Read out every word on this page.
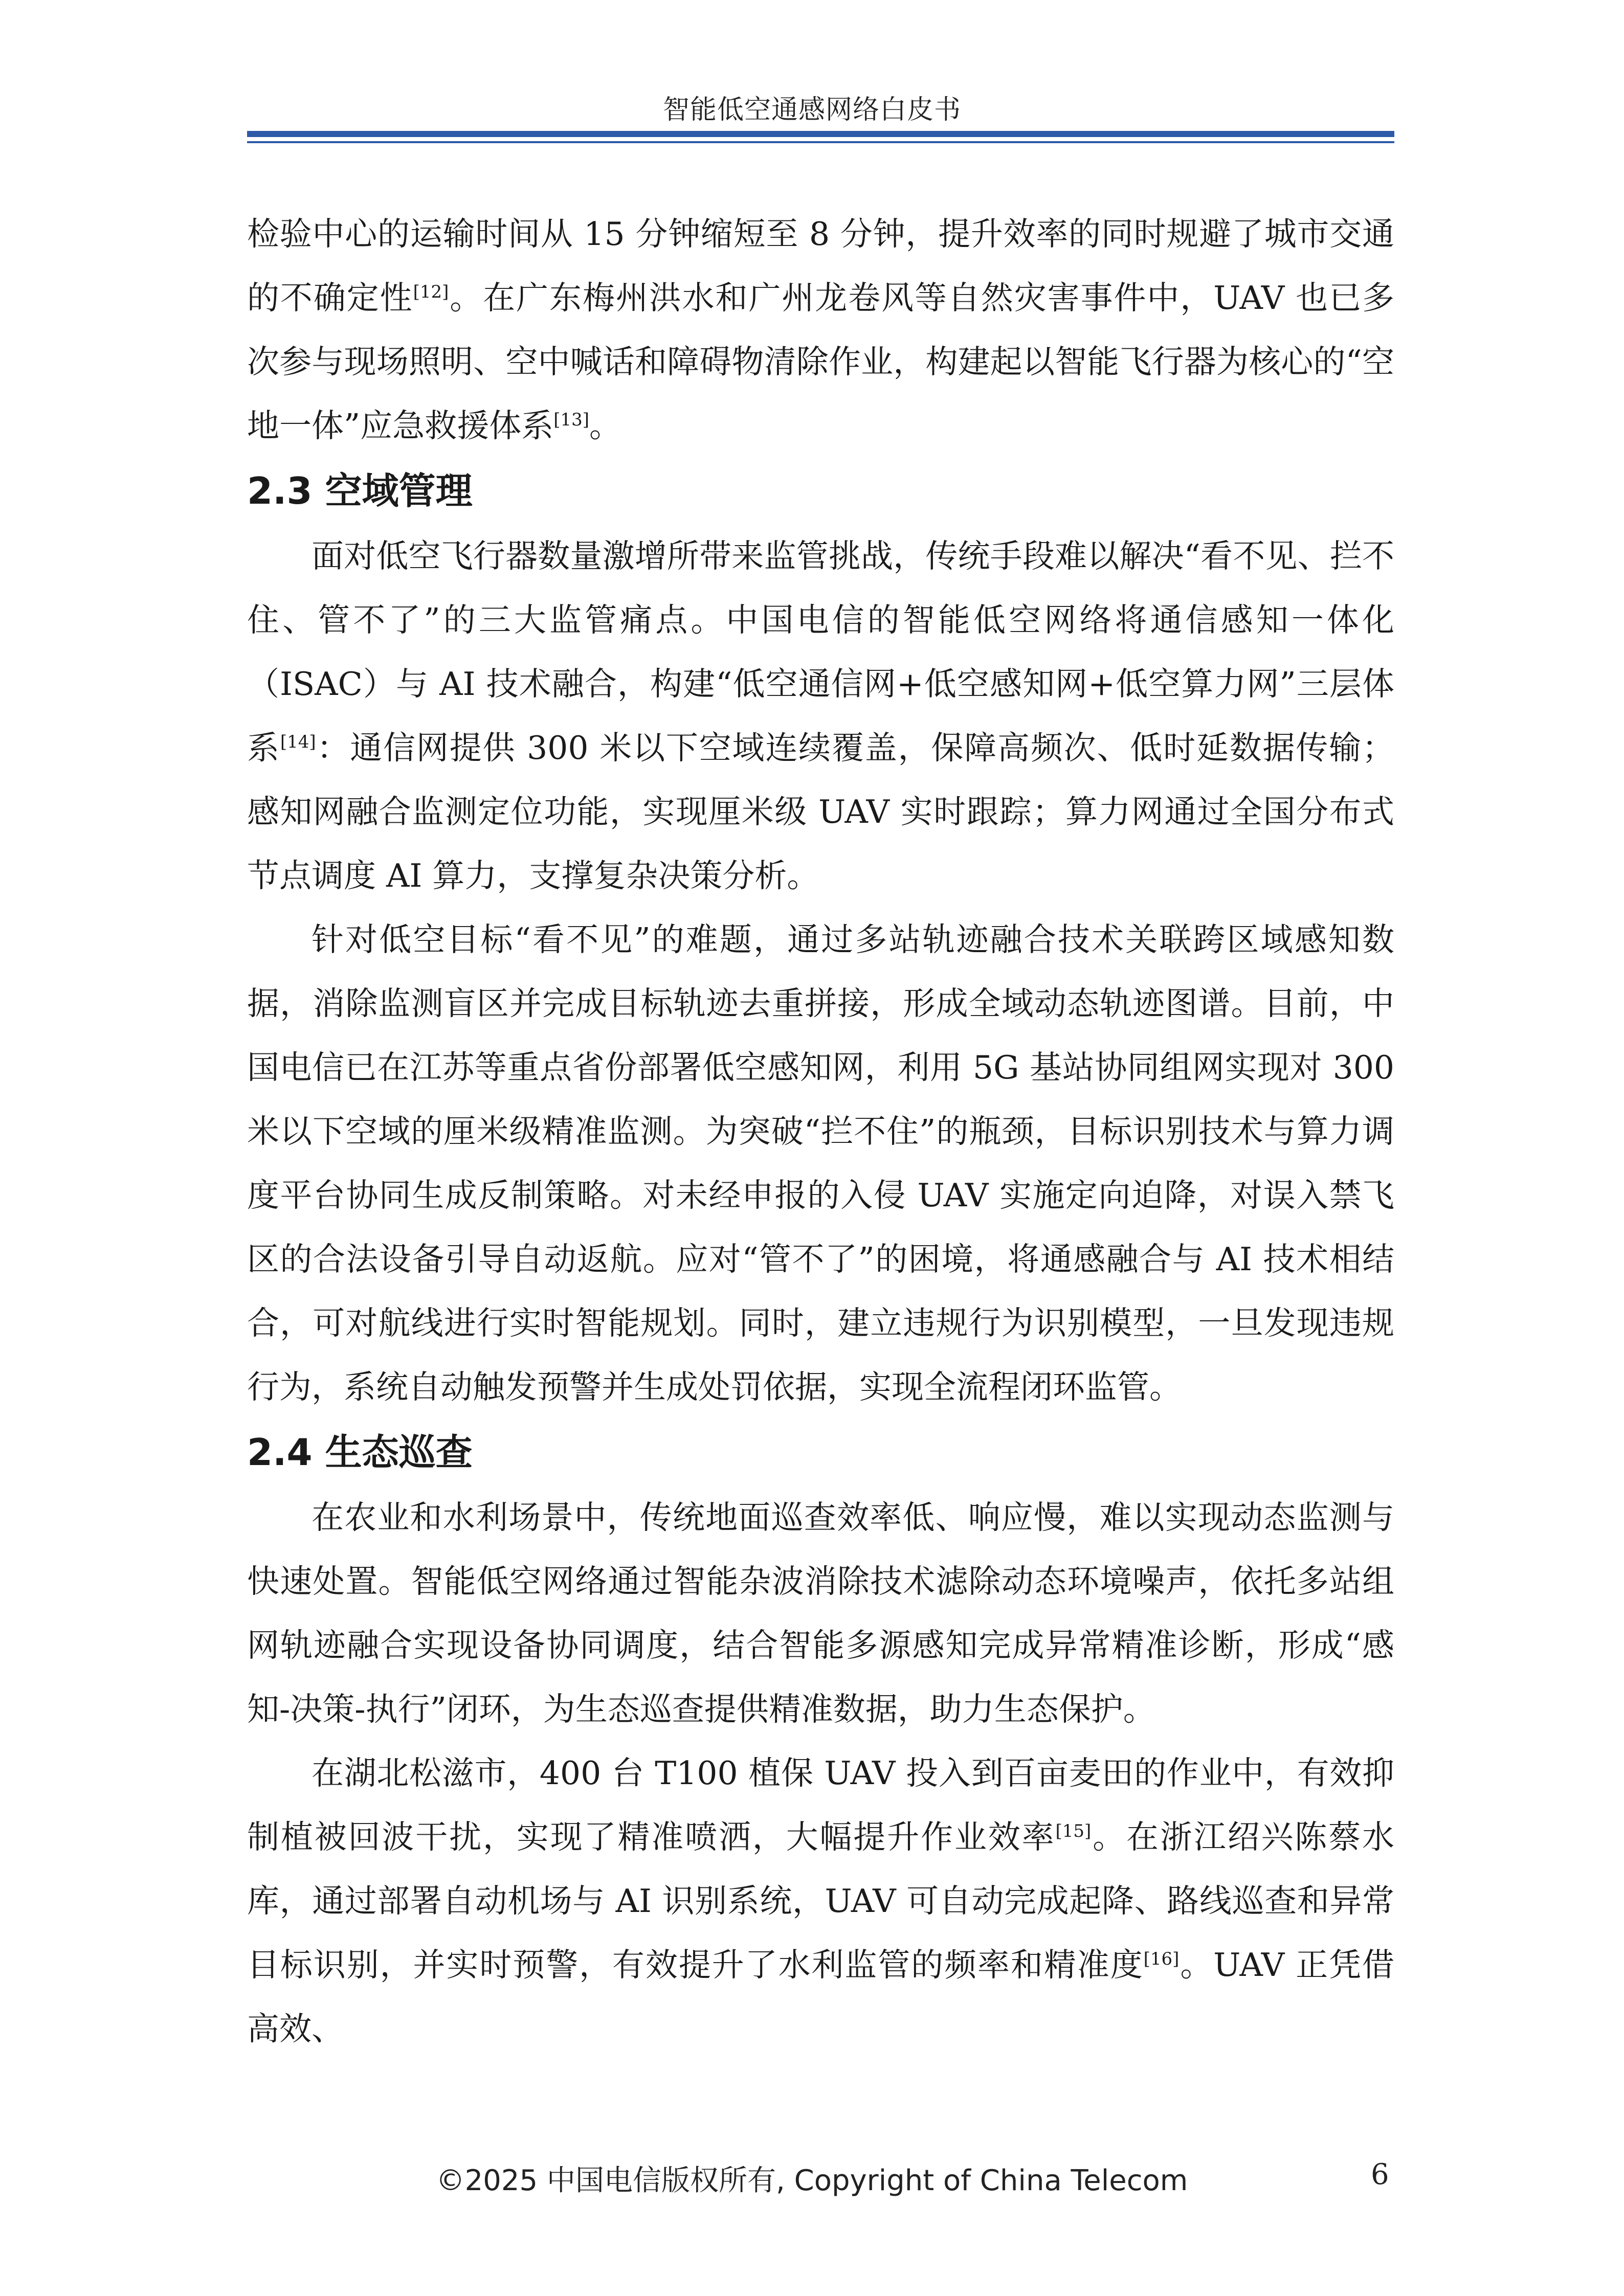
智能低空通感网络白皮书

检验中心的运输时间从 15 分钟缩短至 8 分钟，提升效率的同时规避了城市交通的不确定性[12]。在广东梅州洪水和广州龙卷风等自然灾害事件中，UAV 也已多次参与现场照明、空中喊话和障碍物清除作业，构建起以智能飞行器为核心的“空地一体”应急救援体系[13]。

2.3 空域管理

面对低空飞行器数量激增所带来监管挑战，传统手段难以解决“看不见、拦不住、管不了”的三大监管痛点。中国电信的智能低空网络将通信感知一体化（ISAC）与 AI 技术融合，构建“低空通信网+低空感知网+低空算力网”三层体系[14]：通信网提供 300 米以下空域连续覆盖，保障高频次、低时延数据传输；感知网融合监测定位功能，实现厘米级 UAV 实时跟踪；算力网通过全国分布式节点调度 AI 算力，支撑复杂决策分析。

针对低空目标“看不见”的难题，通过多站轨迹融合技术关联跨区域感知数据，消除监测盲区并完成目标轨迹去重拼接，形成全域动态轨迹图谱。目前，中国电信已在江苏等重点省份部署低空感知网，利用 5G 基站协同组网实现对 300 米以下空域的厘米级精准监测。为突破“拦不住”的瓶颈，目标识别技术与算力调度平台协同生成反制策略。对未经申报的入侵 UAV 实施定向迫降，对误入禁飞区的合法设备引导自动返航。应对“管不了”的困境，将通感融合与 AI 技术相结合，可对航线进行实时智能规划。同时，建立违规行为识别模型，一旦发现违规行为，系统自动触发预警并生成处罚依据，实现全流程闭环监管。

2.4 生态巡查

在农业和水利场景中，传统地面巡查效率低、响应慢，难以实现动态监测与快速处置。智能低空网络通过智能杂波消除技术滤除动态环境噪声，依托多站组网轨迹融合实现设备协同调度，结合智能多源感知完成异常精准诊断，形成“感知-决策-执行”闭环，为生态巡查提供精准数据，助力生态保护。

在湖北松滋市，400 台 T100 植保 UAV 投入到百亩麦田的作业中，有效抑制植被回波干扰，实现了精准喷洒，大幅提升作业效率[15]。在浙江绍兴陈蔡水库，通过部署自动机场与 AI 识别系统，UAV 可自动完成起降、路线巡查和异常目标识别，并实时预警，有效提升了水利监管的频率和精准度[16]。UAV 正凭借高效、

©2025 中国电信版权所有, Copyright of China Telecom	6
